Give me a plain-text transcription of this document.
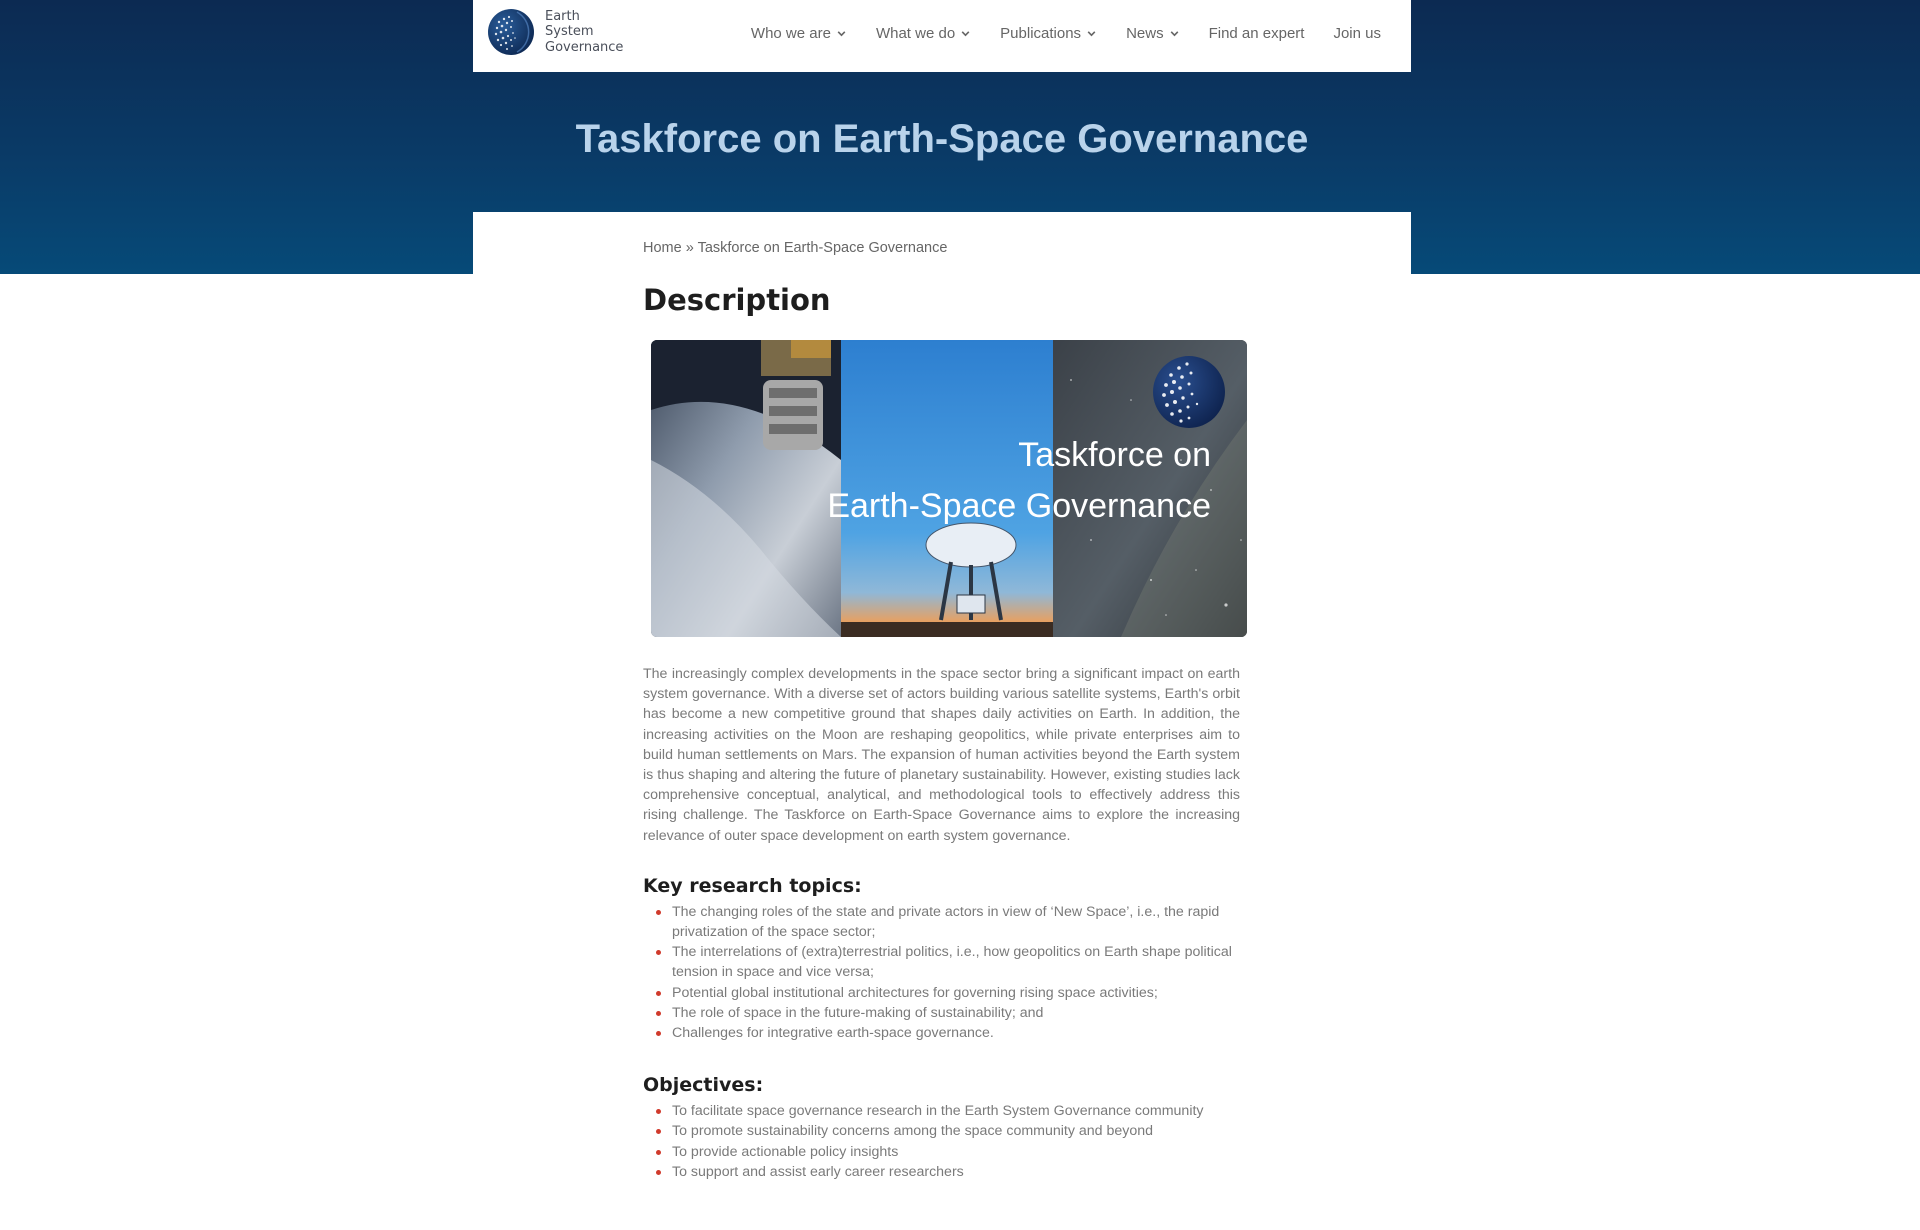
Earth
System
Governance
Who we are	What we do	Publications	News	Find an expert Join us
Taskforce on Earth-Space Governance
Home » Taskforce on Earth-Space Governance
Description
Taskforce on
Earth-Space Governance

The increasingly complex developments in the space sector bring a significant impact on earth system governance. With a diverse set of actors building various satellite systems, Earth's orbit has become a new competitive ground that shapes daily activities on Earth. In addition, the increasing activities on the Moon are reshaping geopolitics, while private enterprises aim to build human settlements on Mars. The expansion of human activities beyond the Earth system is thus shaping and altering the future of planetary sustainability. However, existing studies lack comprehensive conceptual, analytical, and methodological tools to effectively address this rising challenge. The Taskforce on Earth-Space Governance aims to explore the increasing relevance of outer space development on earth system governance.

Key research topics:
The changing roles of the state and private actors in view of ‘New Space’, i.e., the rapid privatization of the space sector;
The interrelations of (extra)terrestrial politics, i.e., how geopolitics on Earth shape political tension in space and vice versa;
Potential global institutional architectures for governing rising space activities;
The role of space in the future-making of sustainability; and
Challenges for integrative earth-space governance.
Objectives:
To facilitate space governance research in the Earth System Governance community
To promote sustainability concerns among the space community and beyond
To provide actionable policy insights
To support and assist early career researchers
